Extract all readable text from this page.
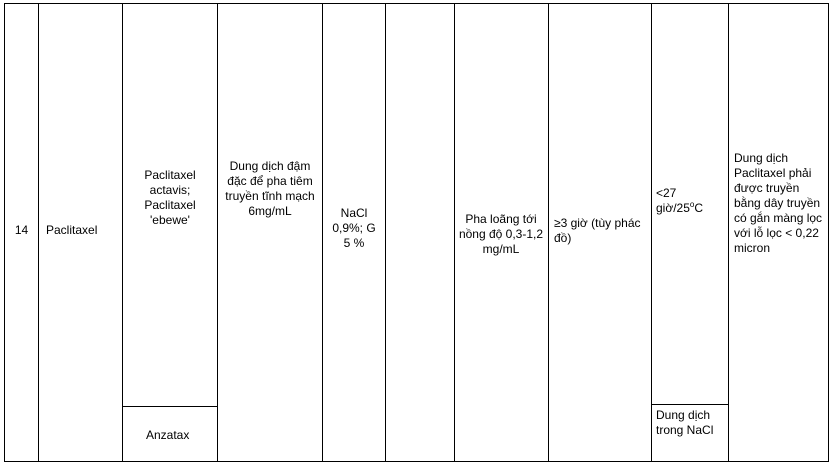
14	Paclitaxel
Paclitaxel actavis; Paclitaxel 'ebewe'
Anzatax
Dung dịch đậm đặc để pha tiêm truyền tĩnh mạch 6mg/mL	NaCl 0,9%; G 5 %
Pha loãng tới nồng độ 0,3-1,2 mg/mL
≥3 giờ (tùy phác đồ)
<27 giờ/25$^o$C
Dung dịch trong NaCl
Dung dịch Paclitaxel phải được truyền bằng dây truyền có gắn màng lọc với lỗ lọc < 0,22 micron
